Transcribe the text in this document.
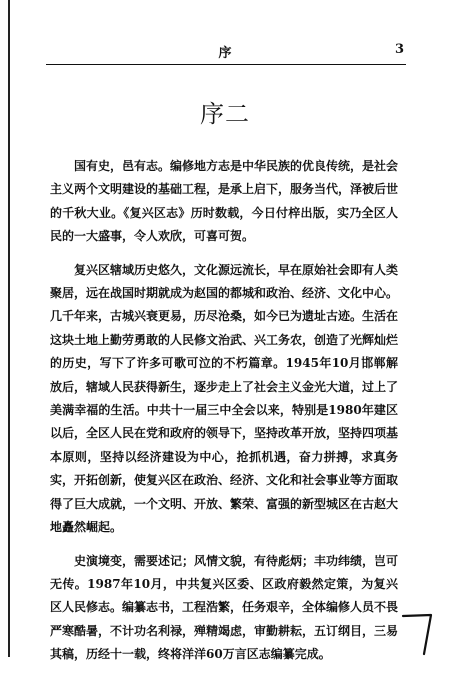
序	3
序二

国有史，邑有志。编修地方志是中华民族的优良传统，是社会主义两个文明建设的基础工程，是承上启下，服务当代，泽被后世的千秋大业。《复兴区志》历时数载，今日付梓出版，实乃全区人民的一大盛事，令人欢欣，可喜可贺。

复兴区辖域历史悠久，文化源远流长，早在原始社会即有人类聚居，远在战国时期就成为赵国的都城和政治、经济、文化中心。几千年来，古城兴衰更易，历尽沧桑，如今已为遗址古迹。生活在这块土地上勤劳勇敢的人民修文治武、兴工务农，创造了光辉灿烂的历史，写下了许多可歌可泣的不朽篇章。1945年10月邯郸解放后，辖域人民获得新生，逐步走上了社会主义金光大道，过上了美满幸福的生活。中共十一届三中全会以来，特别是1980年建区以后，全区人民在党和政府的领导下，坚持改革开放，坚持四项基本原则，坚持以经济建设为中心，抢抓机遇，奋力拼搏，求真务实，开拓创新，使复兴区在政治、经济、文化和社会事业等方面取得了巨大成就，一个文明、开放、繁荣、富强的新型城区在古赵大地矗然崛起。

史演境变，需要述记；风情文貌，有待彪炳；丰功纬绩，岂可无传。1987年10月，中共复兴区委、区政府毅然定策，为复兴区人民修志。编纂志书，工程浩繁，任务艰辛，全体编修人员不畏严寒酷暑，不计功名利禄，殚精竭虑，审勤耕耘，五订纲目，三易其稿，历经十一载，终将洋洋60万言区志编纂完成。
